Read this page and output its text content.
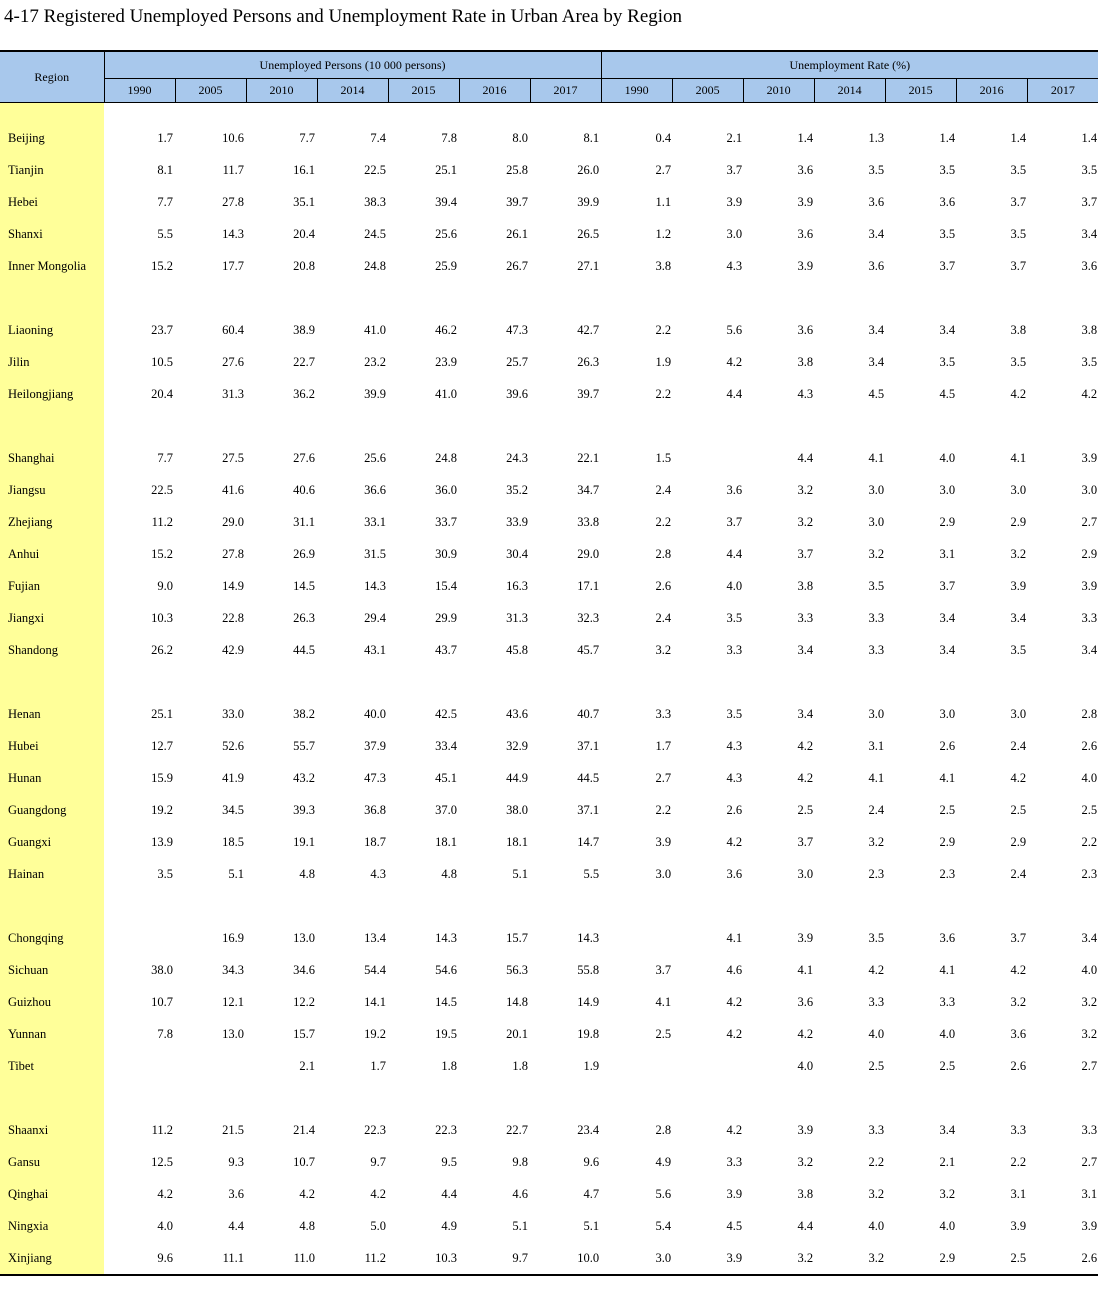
4-17 Registered Unemployed Persons and Unemployment Rate in Urban Area by Region
Region	Unemployed Persons (10 000 persons)							Unemployment Rate (%)						
	1990	2005	2010	2014	2015	2016	2017	1990	2005	2010	2014	2015	2016	2017

Beijing	1.7	10.6	7.7	7.4	7.8	8.0	8.1	0.4	2.1	1.4	1.3	1.4	1.4	1.4
Tianjin	8.1	11.7	16.1	22.5	25.1	25.8	26.0	2.7	3.7	3.6	3.5	3.5	3.5	3.5
Hebei	7.7	27.8	35.1	38.3	39.4	39.7	39.9	1.1	3.9	3.9	3.6	3.6	3.7	3.7
Shanxi	5.5	14.3	20.4	24.5	25.6	26.1	26.5	1.2	3.0	3.6	3.4	3.5	3.5	3.4
Inner Mongolia	15.2	17.7	20.8	24.8	25.9	26.7	27.1	3.8	4.3	3.9	3.6	3.7	3.7	3.6

Liaoning	23.7	60.4	38.9	41.0	46.2	47.3	42.7	2.2	5.6	3.6	3.4	3.4	3.8	3.8
Jilin	10.5	27.6	22.7	23.2	23.9	25.7	26.3	1.9	4.2	3.8	3.4	3.5	3.5	3.5
Heilongjiang	20.4	31.3	36.2	39.9	41.0	39.6	39.7	2.2	4.4	4.3	4.5	4.5	4.2	4.2

Shanghai	7.7	27.5	27.6	25.6	24.8	24.3	22.1	1.5		4.4	4.1	4.0	4.1	3.9
Jiangsu	22.5	41.6	40.6	36.6	36.0	35.2	34.7	2.4	3.6	3.2	3.0	3.0	3.0	3.0
Zhejiang	11.2	29.0	31.1	33.1	33.7	33.9	33.8	2.2	3.7	3.2	3.0	2.9	2.9	2.7
Anhui	15.2	27.8	26.9	31.5	30.9	30.4	29.0	2.8	4.4	3.7	3.2	3.1	3.2	2.9
Fujian	9.0	14.9	14.5	14.3	15.4	16.3	17.1	2.6	4.0	3.8	3.5	3.7	3.9	3.9
Jiangxi	10.3	22.8	26.3	29.4	29.9	31.3	32.3	2.4	3.5	3.3	3.3	3.4	3.4	3.3
Shandong	26.2	42.9	44.5	43.1	43.7	45.8	45.7	3.2	3.3	3.4	3.3	3.4	3.5	3.4

Henan	25.1	33.0	38.2	40.0	42.5	43.6	40.7	3.3	3.5	3.4	3.0	3.0	3.0	2.8
Hubei	12.7	52.6	55.7	37.9	33.4	32.9	37.1	1.7	4.3	4.2	3.1	2.6	2.4	2.6
Hunan	15.9	41.9	43.2	47.3	45.1	44.9	44.5	2.7	4.3	4.2	4.1	4.1	4.2	4.0
Guangdong	19.2	34.5	39.3	36.8	37.0	38.0	37.1	2.2	2.6	2.5	2.4	2.5	2.5	2.5
Guangxi	13.9	18.5	19.1	18.7	18.1	18.1	14.7	3.9	4.2	3.7	3.2	2.9	2.9	2.2
Hainan	3.5	5.1	4.8	4.3	4.8	5.1	5.5	3.0	3.6	3.0	2.3	2.3	2.4	2.3

Chongqing		16.9	13.0	13.4	14.3	15.7	14.3		4.1	3.9	3.5	3.6	3.7	3.4
Sichuan	38.0	34.3	34.6	54.4	54.6	56.3	55.8	3.7	4.6	4.1	4.2	4.1	4.2	4.0
Guizhou	10.7	12.1	12.2	14.1	14.5	14.8	14.9	4.1	4.2	3.6	3.3	3.3	3.2	3.2
Yunnan	7.8	13.0	15.7	19.2	19.5	20.1	19.8	2.5	4.2	4.2	4.0	4.0	3.6	3.2
Tibet			2.1	1.7	1.8	1.8	1.9			4.0	2.5	2.5	2.6	2.7

Shaanxi	11.2	21.5	21.4	22.3	22.3	22.7	23.4	2.8	4.2	3.9	3.3	3.4	3.3	3.3
Gansu	12.5	9.3	10.7	9.7	9.5	9.8	9.6	4.9	3.3	3.2	2.2	2.1	2.2	2.7
Qinghai	4.2	3.6	4.2	4.2	4.4	4.6	4.7	5.6	3.9	3.8	3.2	3.2	3.1	3.1
Ningxia	4.0	4.4	4.8	5.0	4.9	5.1	5.1	5.4	4.5	4.4	4.0	4.0	3.9	3.9
Xinjiang	9.6	11.1	11.0	11.2	10.3	9.7	10.0	3.0	3.9	3.2	3.2	2.9	2.5	2.6
